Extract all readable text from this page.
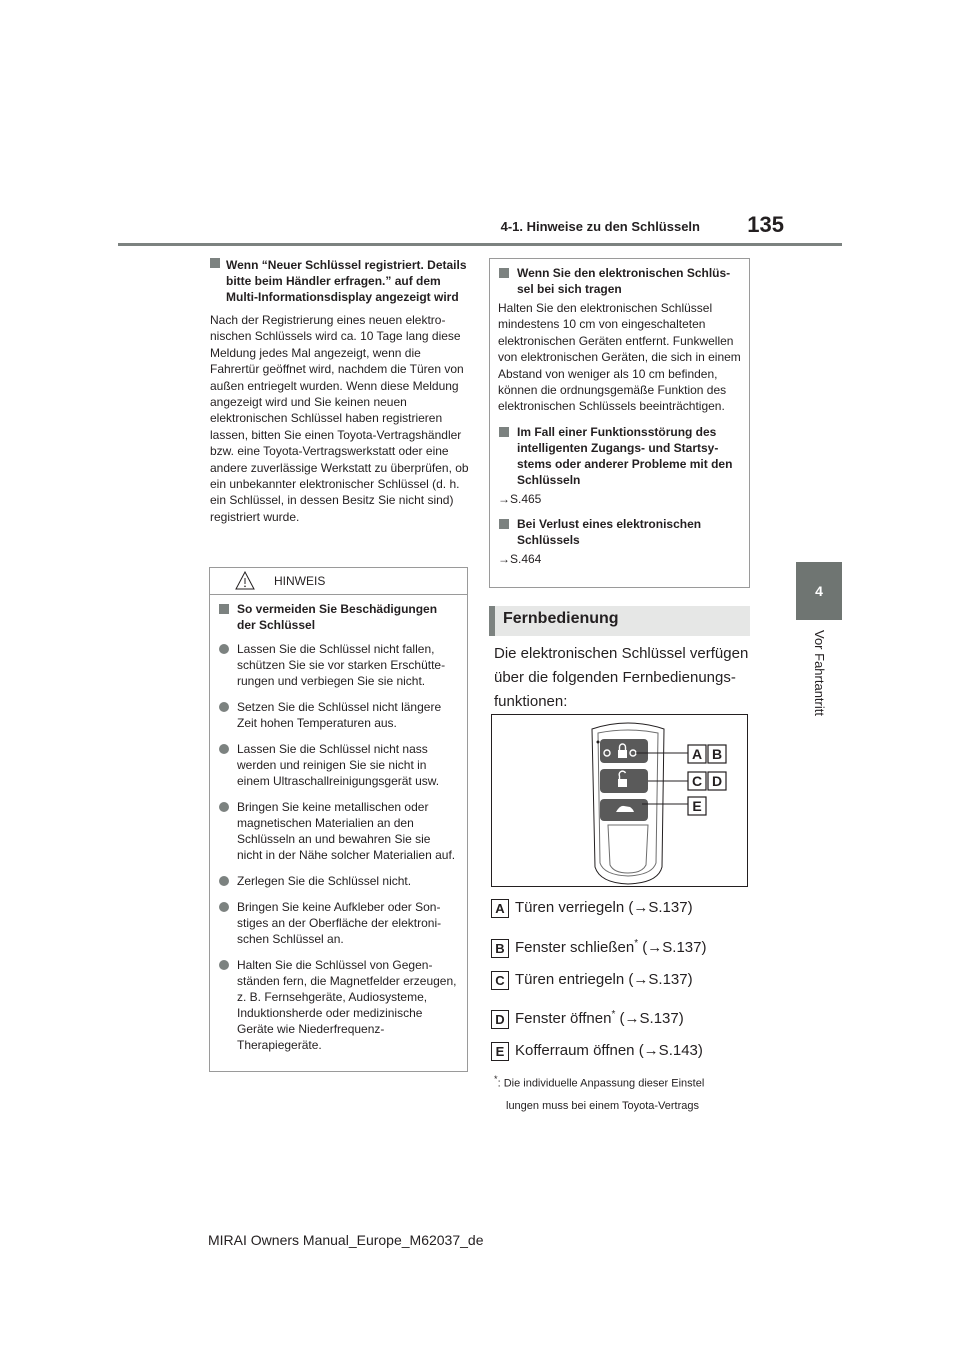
4-1. Hinweise zu den Schlüsseln	135
4
Vor Fahrtantritt
Wenn “Neuer Schlüssel registriert. Details bitte beim Händler erfragen.” auf dem Multi-Informationsdisplay angezeigt wird
Nach der Registrierung eines neuen elektronischen Schlüssels wird ca. 10 Tage lang diese Meldung jedes Mal angezeigt, wenn die Fahrertür geöffnet wird, nachdem die Türen von außen entriegelt wurden. Wenn diese Meldung angezeigt wird und Sie keinen neuen elektronischen Schlüssel haben registrieren lassen, bitten Sie einen Toyota-Vertragshändler bzw. eine Toyota-Vertragswerkstatt oder eine andere zuverlässige Werkstatt zu überprüfen, ob ein unbekannter elektronischer Schlüssel (d. h. ein Schlüssel, in dessen Besitz Sie nicht sind) registriert wurde.
HINWEIS
So vermeiden Sie Beschädigungen der Schlüssel
Lassen Sie die Schlüssel nicht fallen, schützen Sie sie vor starken Erschütterungen und verbiegen Sie sie nicht.
Setzen Sie die Schlüssel nicht längere Zeit hohen Temperaturen aus.
Lassen Sie die Schlüssel nicht nass werden und reinigen Sie sie nicht in einem Ultraschallreinigungsgerät usw.
Bringen Sie keine metallischen oder magnetischen Materialien an den Schlüsseln an und bewahren Sie sie nicht in der Nähe solcher Materialien auf.
Zerlegen Sie die Schlüssel nicht.
Bringen Sie keine Aufkleber oder Sonstiges an der Oberfläche der elektronischen Schlüssel an.
Halten Sie die Schlüssel von Gegenständen fern, die Magnetfelder erzeugen, z. B. Fernsehgeräte, Audiosysteme, Induktionsherde oder medizinische Geräte wie Niederfrequenz-Therapiegeräte.
Wenn Sie den elektronischen Schlüssel bei sich tragen
Halten Sie den elektronischen Schlüssel mindestens 10 cm von eingeschalteten elektronischen Geräten entfernt. Funkwellen von elektronischen Geräten, die sich in einem Abstand von weniger als 10 cm befinden, können die ordnungsgemäße Funktion des elektronischen Schlüssels beeinträchtigen.
Im Fall einer Funktionsstörung des intelligenten Zugangs- und Startsystems oder anderer Probleme mit den Schlüsseln
→S.465
Bei Verlust eines elektronischen Schlüssels
→S.464
Fernbedienung
Die elektronischen Schlüssel verfügen über die folgenden Fernbedienungsfunktionen:
A B
C D
E
A Türen verriegeln (→S.137)
B Fenster schließen* (→S.137)
C Türen entriegeln (→S.137)
D Fenster öffnen* (→S.137)
E Kofferraum öffnen (→S.143)
*: Die individuelle Anpassung dieser Einstel
lungen muss bei einem Toyota-Vertrags
MIRAI Owners Manual_Europe_M62037_de
